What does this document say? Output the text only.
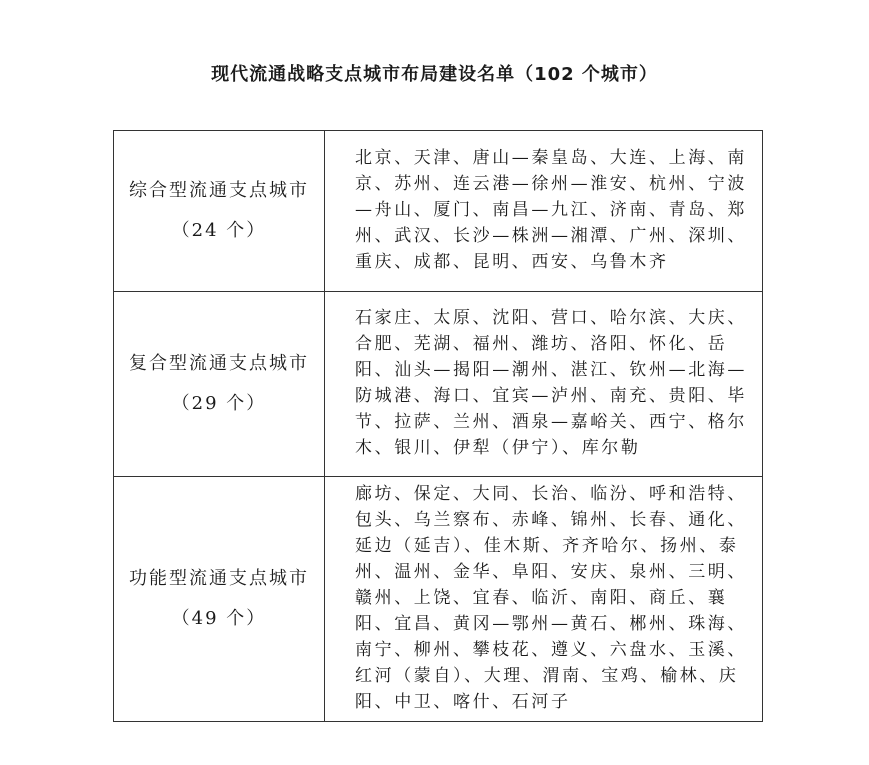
现代流通战略支点城市布局建设名单（102 个城市）
综合型流通支点城市
（24 个）	北京、天津、唐山—秦皇岛、大连、上海、南京、苏州、连云港—徐州—淮安、杭州、宁波—舟山、厦门、南昌—九江、济南、青岛、郑州、武汉、长沙—株洲—湘潭、广州、深圳、重庆、成都、昆明、西安、乌鲁木齐

复合型流通支点城市
（29 个）	石家庄、太原、沈阳、营口、哈尔滨、大庆、合肥、芜湖、福州、潍坊、洛阳、怀化、岳阳、汕头—揭阳—潮州、湛江、钦州—北海—防城港、海口、宜宾—泸州、南充、贵阳、毕节、拉萨、兰州、酒泉—嘉峪关、西宁、格尔木、银川、伊犁（伊宁）、库尔勒

功能型流通支点城市
（49 个）	廊坊、保定、大同、长治、临汾、呼和浩特、包头、乌兰察布、赤峰、锦州、长春、通化、延边（延吉）、佳木斯、齐齐哈尔、扬州、泰州、温州、金华、阜阳、安庆、泉州、三明、赣州、上饶、宜春、临沂、南阳、商丘、襄阳、宜昌、黄冈—鄂州—黄石、郴州、珠海、南宁、柳州、攀枝花、遵义、六盘水、玉溪、红河（蒙自）、大理、渭南、宝鸡、榆林、庆阳、中卫、喀什、石河子
